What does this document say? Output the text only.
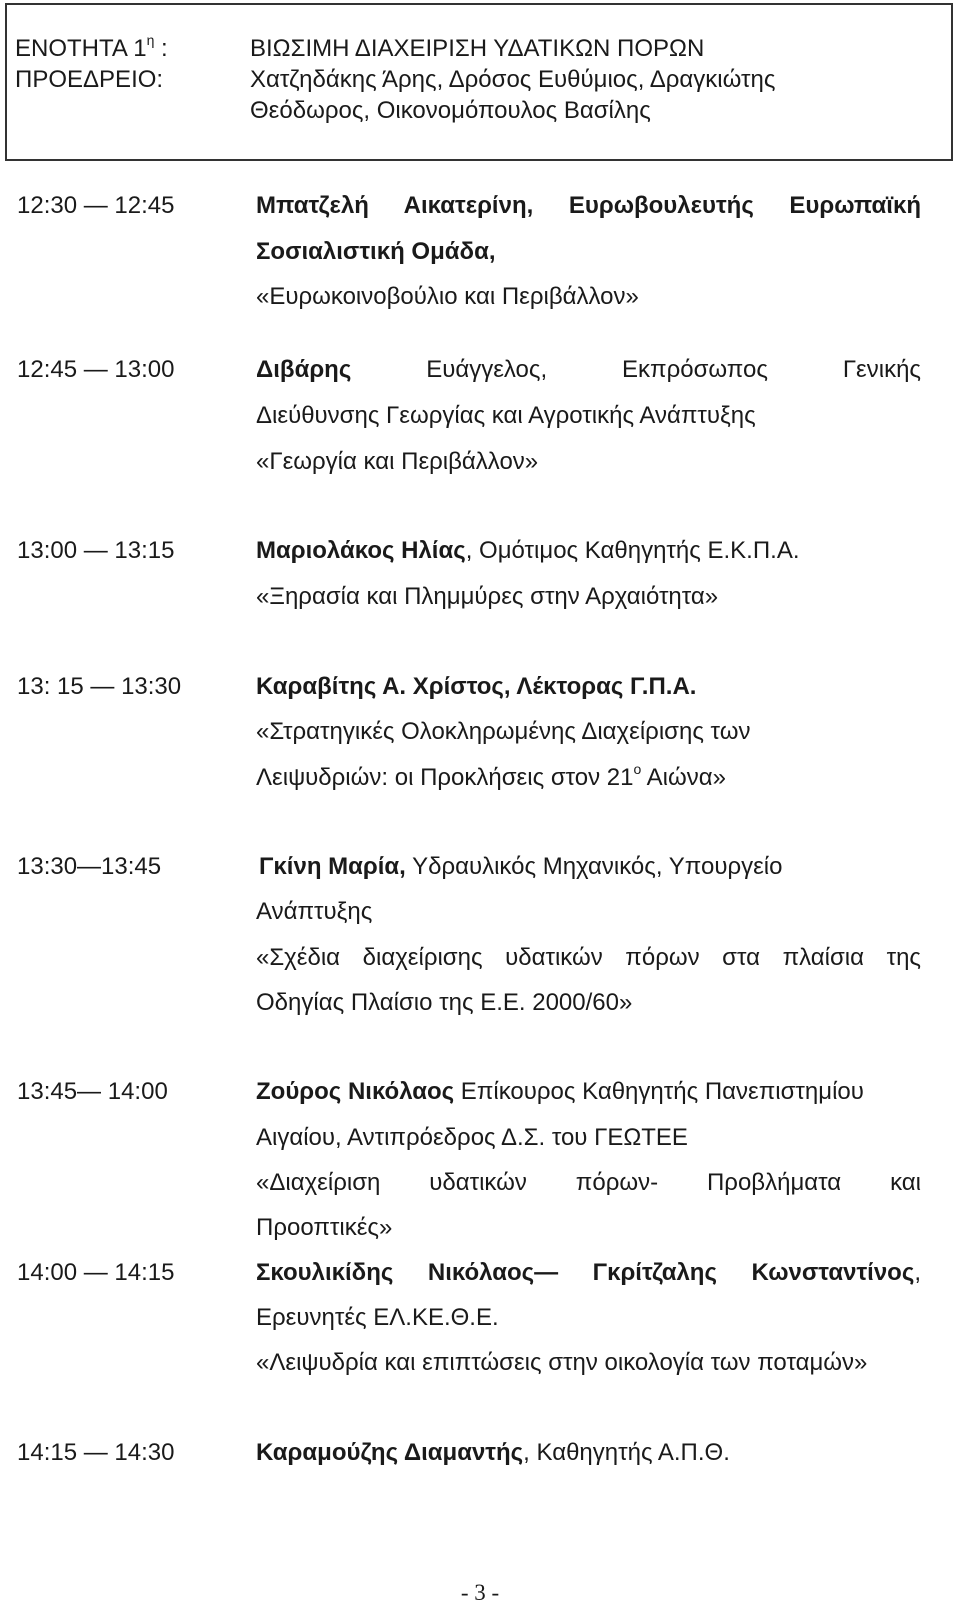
ΕΝΟΤΗΤΑ $1^\eta$ :	ΒΙΩΣΙΜΗ ΔΙΑΧΕΙΡΙΣΗ ΥΔΑΤΙΚΩΝ ΠΟΡΩΝ
ΠΡΟΕΔΡΕΙΟ:	Χατζηδάκης Άρης, Δρόσος Ευθύμιος, Δραγκιώτης
Θεόδωρος, Οικονομόπουλος Βασίλης
12:30 — 12:45	Μπατζελή Αικατερίνη, Ευρωβουλευτής Ευρωπαϊκή
Σοσιαλιστική Ομάδα,
«Ευρωκοινοβούλιο και Περιβάλλον»
12:45 — 13:00	Διβάρης Ευάγγελος, Εκπρόσωπος Γενικής
Διεύθυνσης Γεωργίας και Αγροτικής Ανάπτυξης
«Γεωργία και Περιβάλλον»
13:00 — 13:15	Μαριολάκος Ηλίας, Ομότιμος Καθηγητής Ε.Κ.Π.Α.
«Ξηρασία και Πλημμύρες στην Αρχαιότητα»
13: 15 — 13:30	Καραβίτης Α. Χρίστος, Λέκτορας Γ.Π.Α.
«Στρατηγικές Ολοκληρωμένης Διαχείρισης των
Λειψυδριών: οι Προκλήσεις στον $21^o$ Αιώνα»
13:30—13:45	Γκίνη Μαρία, Υδραυλικός Μηχανικός, Υπουργείο
Ανάπτυξης
«Σχέδια διαχείρισης υδατικών πόρων στα πλαίσια της
Οδηγίας Πλαίσιο της Ε.Ε. 2000/60»
13:45— 14:00	Ζούρος Νικόλαος Επίκουρος Καθηγητής Πανεπιστημίου
Αιγαίου, Αντιπρόεδρος Δ.Σ. του ΓΕΩΤΕΕ
«Διαχείριση υδατικών πόρων- Προβλήματα και
Προοπτικές»
14:00 — 14:15	Σκουλικίδης Νικόλαος— Γκρίτζαλης Κωνσταντίνος,
Ερευνητές ΕΛ.ΚΕ.Θ.Ε.
«Λειψυδρία και επιπτώσεις στην οικολογία των ποταμών»
14:15 — 14:30	Καραμούζης Διαμαντής, Καθηγητής Α.Π.Θ.
- 3 -
